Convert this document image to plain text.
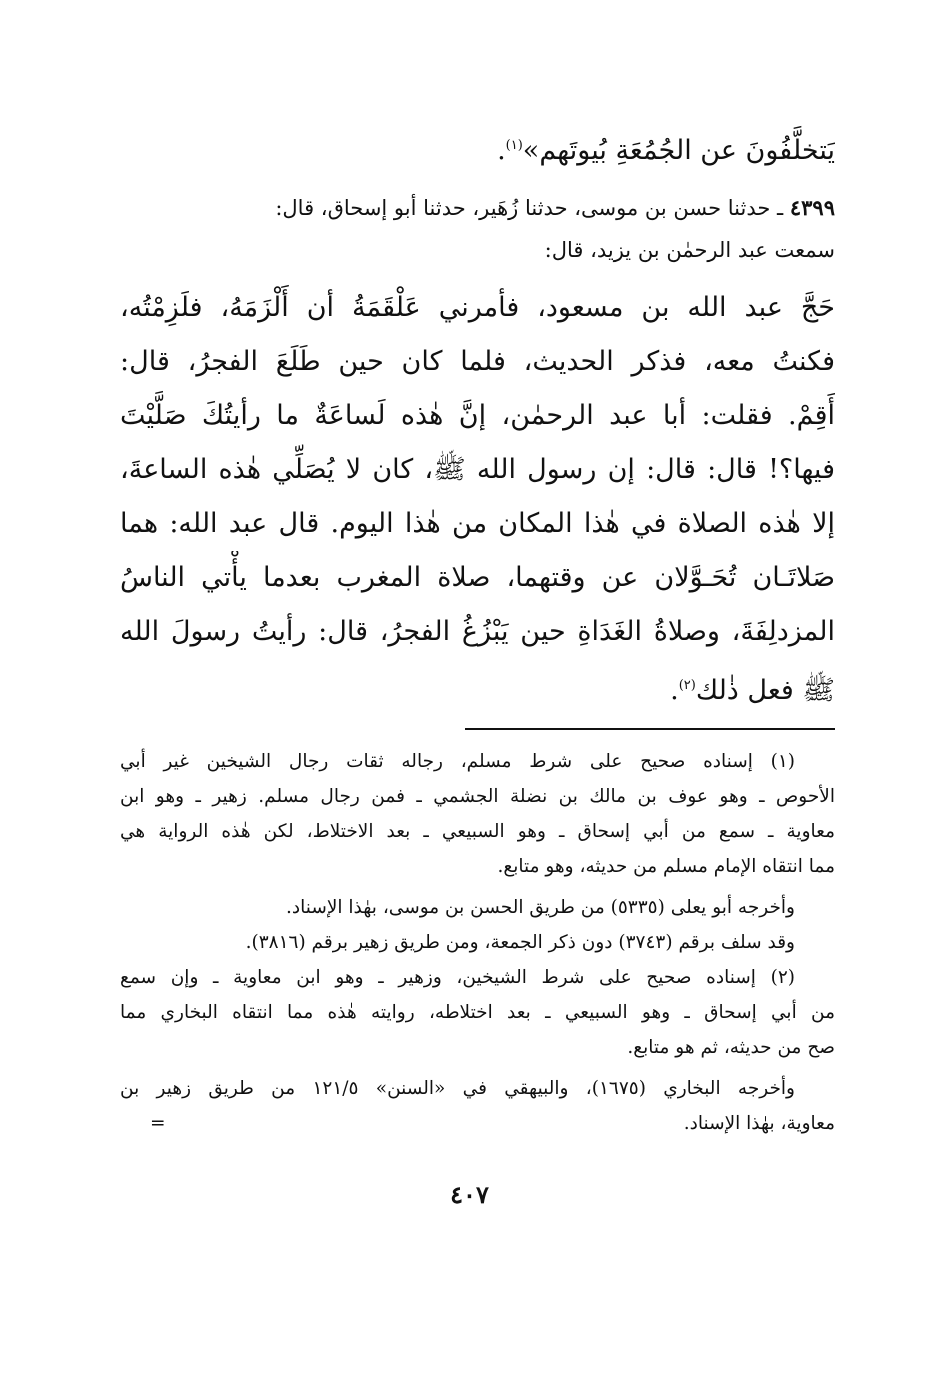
يَتخلَّفُونَ عن الجُمُعَةِ بُيوتَهم»$^{(١)}$.
٤٣٩٩ ـ حدثنا حسن بن موسى، حدثنا زُهَير، حدثنا أبو إسحاق، قال:
سمعت عبد الرحمٰن بن يزيد، قال:
حَجَّ عبد الله بن مسعود، فأمرني عَلْقَمَةُ أن أَلْزَمَهُ، فلَزِمْتُه،
فكنتُ معه، فذكر الحديث، فلما كان حين طَلَعَ الفجرُ، قال:
أَقِمْ. فقلت: أبا عبد الرحمٰن، إنَّ هٰذه لَساعَةٌ ما رأيتُكَ صَلَّيْتَ
فيها؟! قال: قال: إن رسول الله ﷺ، كان لا يُصَلِّي هٰذه الساعةَ،
إلا هٰذه الصلاة في هٰذا المكان من هٰذا اليوم. قال عبد الله: هما
صَلاتَـان تُحَـوَّلان عن وقتهما، صلاة المغرب بعدما يأْتي الناسُ
المزدلِفَةَ، وصلاةُ الغَدَاةِ حين يَبْزُغُ الفجرُ، قال: رأيتُ رسولَ الله
ﷺ فعل ذٰلك$^{(٢)}$.
(١) إسناده صحيح على شرط مسلم، رجاله ثقات رجال الشيخين غير أبي
الأحوص ـ وهو عوف بن مالك بن نضلة الجشمي ـ فمن رجال مسلم. زهير ـ وهو ابن
معاوية ـ سمع من أبي إسحاق ـ وهو السبيعي ـ بعد الاختلاط، لكن هٰذه الرواية هي
مما انتقاه الإمام مسلم من حديثه، وهو متابع.
وأخرجه أبو يعلى (٥٣٣٥) من طريق الحسن بن موسى، بهٰذا الإسناد.
وقد سلف برقم (٣٧٤٣) دون ذكر الجمعة، ومن طريق زهير برقم (٣٨١٦).
(٢) إسناده صحيح على شرط الشيخين، وزهير ـ وهو ابن معاوية ـ وإن سمع
من أبي إسحاق ـ وهو السبيعي ـ بعد اختلاطه، روايته هٰذه مما انتقاه البخاري مما
صح من حديثه، ثم هو متابع.
وأخرجه البخاري (١٦٧٥)، والبيهقي في «السنن» ١٢١/٥ من طريق زهير بن
معاوية، بهٰذا الإسناد.
=
٤٠٧
